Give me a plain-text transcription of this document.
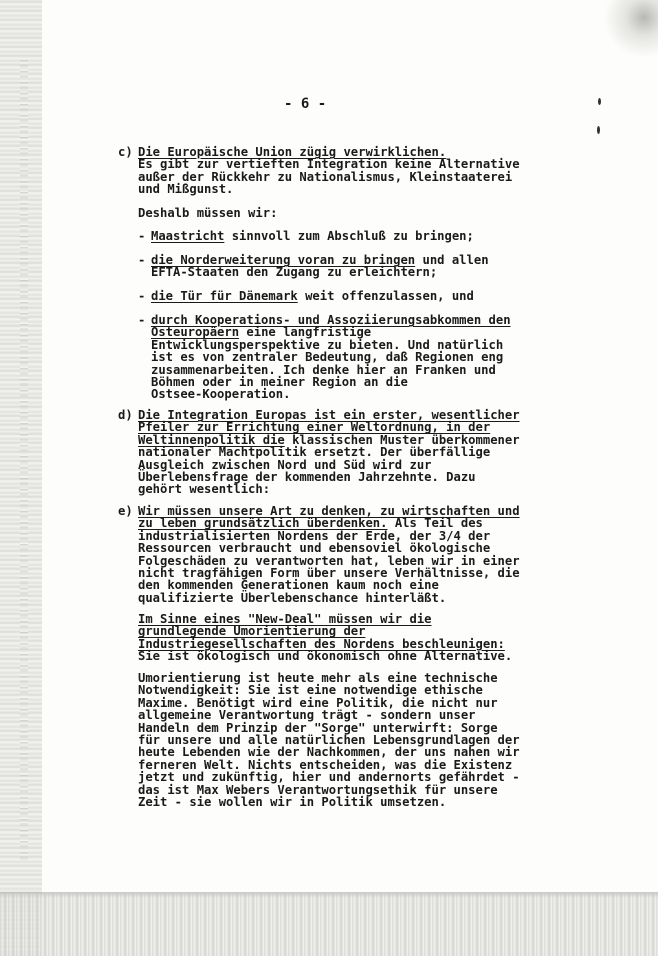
- 6 -
c) Die Europäische Union zügig verwirklichen.
Es gibt zur vertieften Integration keine Alternative
außer der Rückkehr zu Nationalismus, Kleinstaaterei
und Mißgunst.
Deshalb müssen wir:
- Maastricht sinnvoll zum Abschluß zu bringen;
- die Norderweiterung voran zu bringen und allen
EFTA-Staaten den Zugang zu erleichtern;
- die Tür für Dänemark weit offenzulassen, und
- durch Kooperations- und Assoziierungsabkommen den
Osteuropäern eine langfristige
Entwicklungsperspektive zu bieten. Und natürlich
ist es von zentraler Bedeutung, daß Regionen eng
zusammenarbeiten. Ich denke hier an Franken und
Böhmen oder in meiner Region an die
Ostsee-Kooperation.
d) Die Integration Europas ist ein erster, wesentlicher
Pfeiler zur Errichtung einer Weltordnung, in der
Weltinnenpolitik die klassischen Muster überkommener
nationaler Machtpolitik ersetzt. Der überfällige
Ausgleich zwischen Nord und Süd wird zur
Überlebensfrage der kommenden Jahrzehnte. Dazu
gehört wesentlich:
e) Wir müssen unsere Art zu denken, zu wirtschaften und
zu leben grundsätzlich überdenken. Als Teil des
industrialisierten Nordens der Erde, der 3/4 der
Ressourcen verbraucht und ebensoviel ökologische
Folgeschäden zu verantworten hat, leben wir in einer
nicht tragfähigen Form über unsere Verhältnisse, die
den kommenden Generationen kaum noch eine
qualifizierte Überlebenschance hinterläßt.
Im Sinne eines "New-Deal" müssen wir die
grundlegende Umorientierung der
Industriegesellschaften des Nordens beschleunigen:
Sie ist ökologisch und ökonomisch ohne Alternative.
Umorientierung ist heute mehr als eine technische
Notwendigkeit: Sie ist eine notwendige ethische
Maxime. Benötigt wird eine Politik, die nicht nur
allgemeine Verantwortung trägt - sondern unser
Handeln dem Prinzip der "Sorge" unterwirft: Sorge
für unsere und alle natürlichen Lebensgrundlagen der
heute Lebenden wie der Nachkommen, der uns nahen wir
ferneren Welt. Nichts entscheiden, was die Existenz
jetzt und zukünftig, hier und andernorts gefährdet -
das ist Max Webers Verantwortungsethik für unsere
Zeit - sie wollen wir in Politik umsetzen.
